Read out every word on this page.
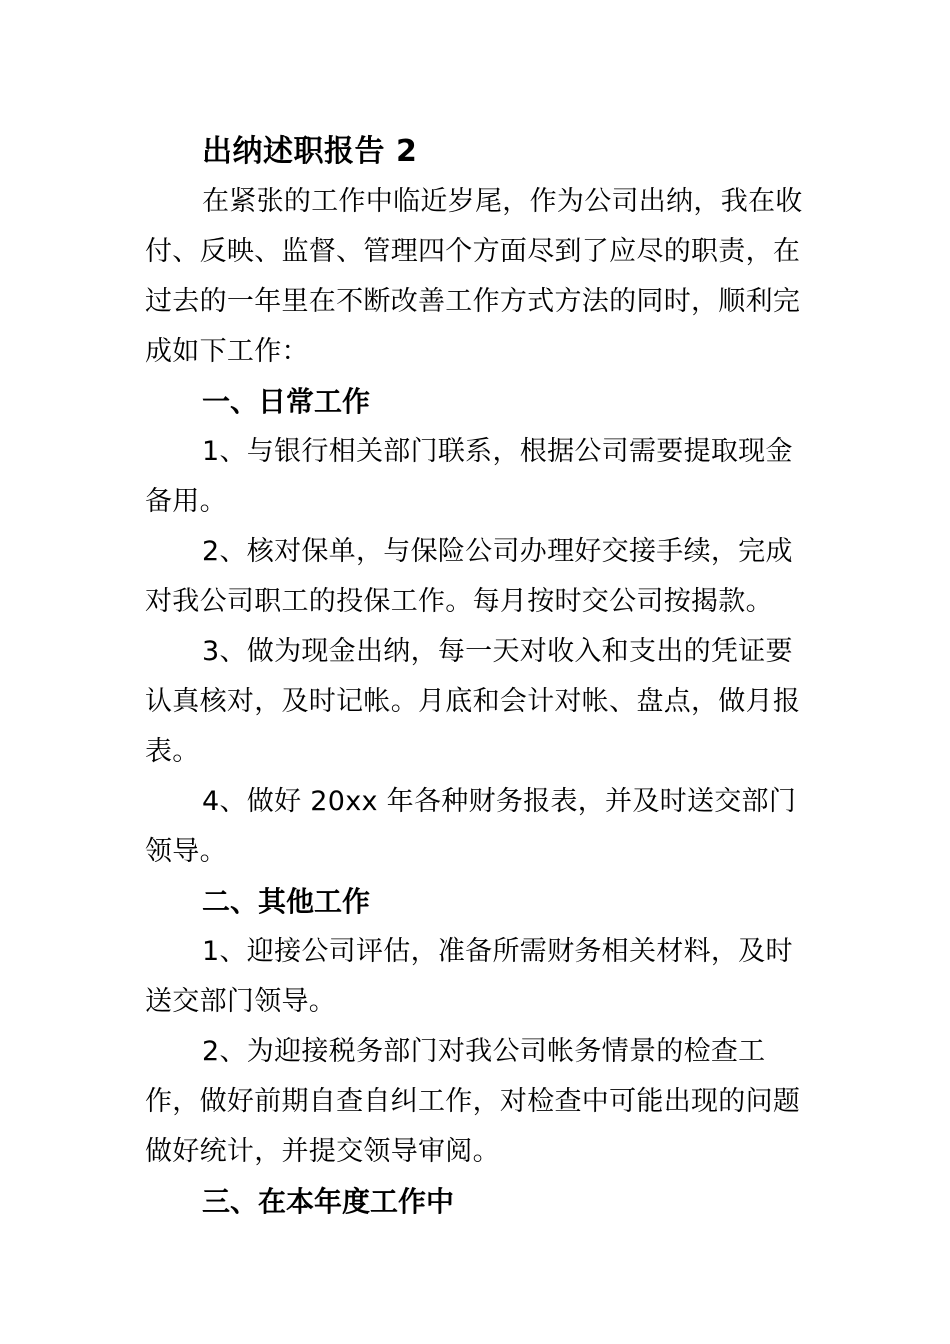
出纳述职报告 2

在紧张的工作中临近岁尾，作为公司出纳，我在收付、反映、监督、管理四个方面尽到了应尽的职责，在过去的一年里在不断改善工作方式方法的同时，顺利完成如下工作：

一、日常工作

1、与银行相关部门联系，根据公司需要提取现金备用。

2、核对保单，与保险公司办理好交接手续，完成对我公司职工的投保工作。每月按时交公司按揭款。

3、做为现金出纳，每一天对收入和支出的凭证要认真核对，及时记帐。月底和会计对帐、盘点，做月报表。

4、做好 20xx 年各种财务报表，并及时送交部门领导。

二、其他工作

1、迎接公司评估，准备所需财务相关材料，及时送交部门领导。

2、为迎接税务部门对我公司帐务情景的检查工作，做好前期自查自纠工作，对检查中可能出现的问题做好统计，并提交领导审阅。

三、在本年度工作中
